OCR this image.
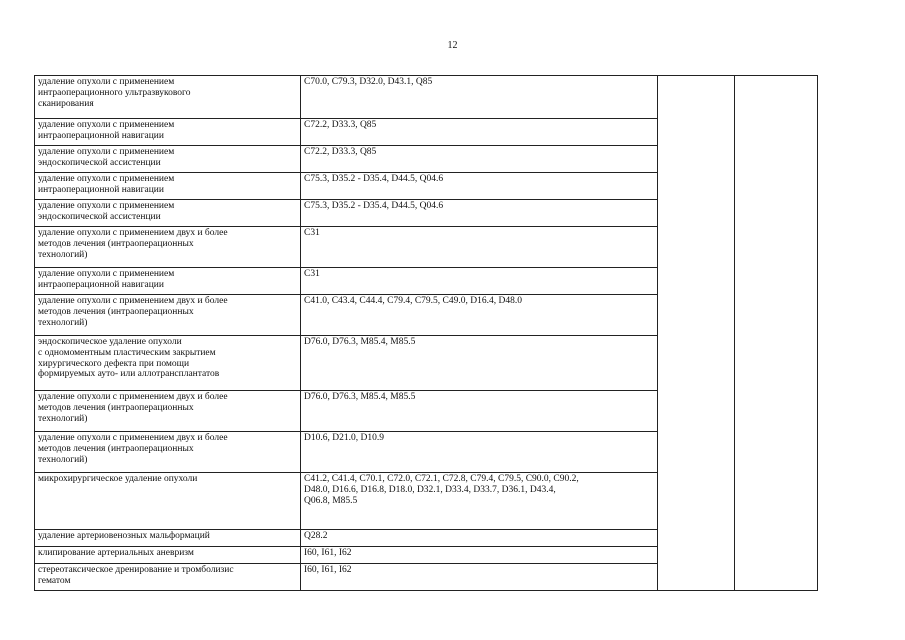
12
удаление опухоли с применением
интраоперационного ультразвукового
сканирования	C70.0, C79.3, D32.0, D43.1, Q85		
удаление опухоли с применением
интраоперационной навигации	C72.2, D33.3, Q85		
удаление опухоли с применением
эндоскопической ассистенции	C72.2, D33.3, Q85		
удаление опухоли с применением
интраоперационной навигации	C75.3, D35.2 - D35.4, D44.5, Q04.6		
удаление опухоли с применением
эндоскопической ассистенции	C75.3, D35.2 - D35.4, D44.5, Q04.6		
удаление опухоли с применением двух и более
методов лечения (интраоперационных
технологий)	C31		
удаление опухоли с применением
интраоперационной навигации	C31		
удаление опухоли с применением двух и более
методов лечения (интраоперационных
технологий)	C41.0, C43.4, C44.4, C79.4, C79.5, C49.0, D16.4, D48.0		
эндоскопическое удаление опухоли
с одномоментным пластическим закрытием
хирургического дефекта при помощи
формируемых ауто- или аллотрансплантатов	D76.0, D76.3, M85.4, M85.5		
удаление опухоли с применением двух и более
методов лечения (интраоперационных
технологий)	D76.0, D76.3, M85.4, M85.5		
удаление опухоли с применением двух и более
методов лечения (интраоперационных
технологий)	D10.6, D21.0, D10.9		
микрохирургическое удаление опухоли	C41.2, C41.4, C70.1, C72.0, C72.1, C72.8, C79.4, C79.5, C90.0, C90.2,
D48.0, D16.6, D16.8, D18.0, D32.1, D33.4, D33.7, D36.1, D43.4,
Q06.8, M85.5		
удаление артериовенозных мальформаций	Q28.2		
клипирование артериальных аневризм	I60, I61, I62		
стереотаксическое дренирование и тромболизис
гематом	I60, I61, I62		
